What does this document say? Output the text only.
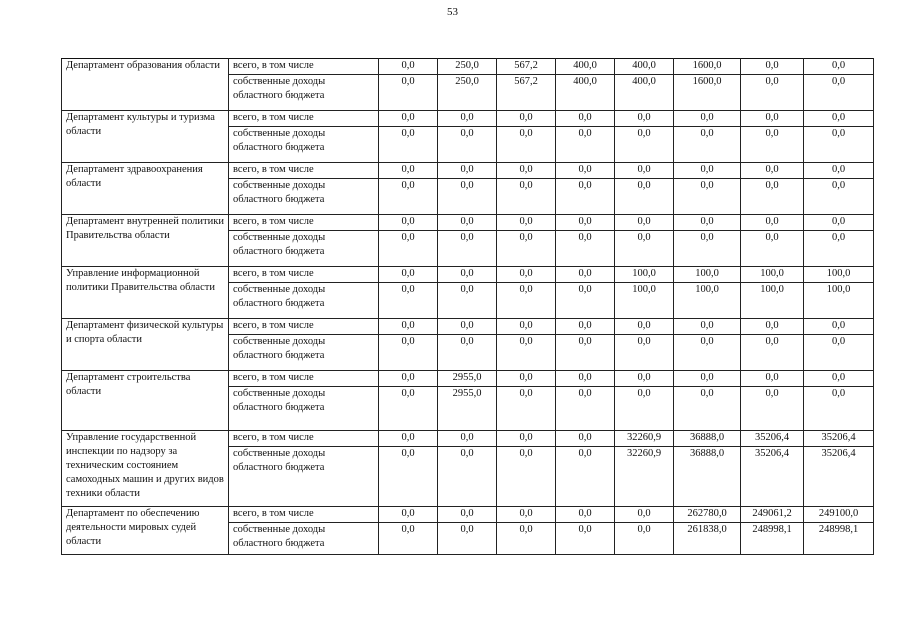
53
Департамент образования области	всего, в том числе	0,0	250,0	567,2	400,0	400,0	1600,0	0,0	0,0
	собственные доходы областного бюджета	0,0	250,0	567,2	400,0	400,0	1600,0	0,0	0,0
Департамент культуры и туризма области	всего, в том числе	0,0	0,0	0,0	0,0	0,0	0,0	0,0	0,0
	собственные доходы областного бюджета	0,0	0,0	0,0	0,0	0,0	0,0	0,0	0,0
Департамент здравоохранения области	всего, в том числе	0,0	0,0	0,0	0,0	0,0	0,0	0,0	0,0
	собственные доходы областного бюджета	0,0	0,0	0,0	0,0	0,0	0,0	0,0	0,0
Департамент внутренней политики Правительства области	всего, в том числе	0,0	0,0	0,0	0,0	0,0	0,0	0,0	0,0
	собственные доходы областного бюджета	0,0	0,0	0,0	0,0	0,0	0,0	0,0	0,0
Управление информационной политики Правительства области	всего, в том числе	0,0	0,0	0,0	0,0	100,0	100,0	100,0	100,0
	собственные доходы областного бюджета	0,0	0,0	0,0	0,0	100,0	100,0	100,0	100,0
Департамент физической культуры и спорта области	всего, в том числе	0,0	0,0	0,0	0,0	0,0	0,0	0,0	0,0
	собственные доходы областного бюджета	0,0	0,0	0,0	0,0	0,0	0,0	0,0	0,0
Департамент строительства области	всего, в том числе	0,0	2955,0	0,0	0,0	0,0	0,0	0,0	0,0
	собственные доходы областного бюджета	0,0	2955,0	0,0	0,0	0,0	0,0	0,0	0,0
Управление государственной инспекции по надзору за техническим состоянием самоходных машин и других видов техники области	всего, в том числе	0,0	0,0	0,0	0,0	32260,9	36888,0	35206,4	35206,4
	собственные доходы областного бюджета	0,0	0,0	0,0	0,0	32260,9	36888,0	35206,4	35206,4
Департамент по обеспечению деятельности мировых судей области	всего, в том числе	0,0	0,0	0,0	0,0	0,0	262780,0	249061,2	249100,0
	собственные доходы областного бюджета	0,0	0,0	0,0	0,0	0,0	261838,0	248998,1	248998,1
